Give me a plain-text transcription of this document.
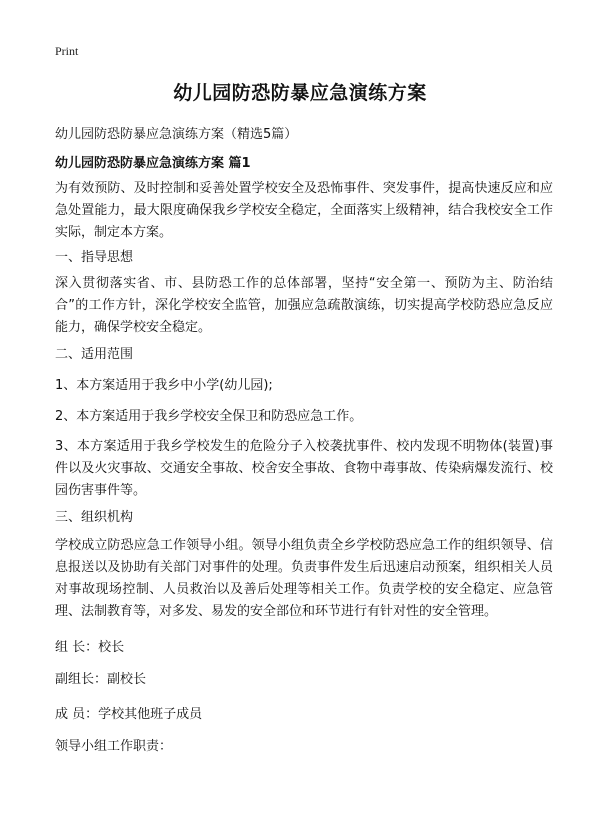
Print
幼儿园防恐防暴应急演练方案
幼儿园防恐防暴应急演练方案（精选5篇）
幼儿园防恐防暴应急演练方案 篇1
为有效预防、及时控制和妥善处置学校安全及恐怖事件、突发事件，提高快速反应和应急处置能力，最大限度确保我乡学校安全稳定，全面落实上级精神，结合我校安全工作实际，制定本方案。
一、指导思想
深入贯彻落实省、市、县防恐工作的总体部署，坚持“安全第一、预防为主、防治结合”的工作方针，深化学校安全监管，加强应急疏散演练，切实提高学校防恐应急反应能力，确保学校安全稳定。
二、适用范围
1、本方案适用于我乡中小学(幼儿园);
2、本方案适用于我乡学校安全保卫和防恐应急工作。
3、本方案适用于我乡学校发生的危险分子入校袭扰事件、校内发现不明物体(装置)事件以及火灾事故、交通安全事故、校舍安全事故、食物中毒事故、传染病爆发流行、校园伤害事件等。
三、组织机构
学校成立防恐应急工作领导小组。领导小组负责全乡学校防恐应急工作的组织领导、信息报送以及协助有关部门对事件的处理。负责事件发生后迅速启动预案，组织相关人员对事故现场控制、人员救治以及善后处理等相关工作。负责学校的安全稳定、应急管理、法制教育等，对多发、易发的安全部位和环节进行有针对性的安全管理。
组 长：校长
副组长：副校长
成 员：学校其他班子成员
领导小组工作职责：
